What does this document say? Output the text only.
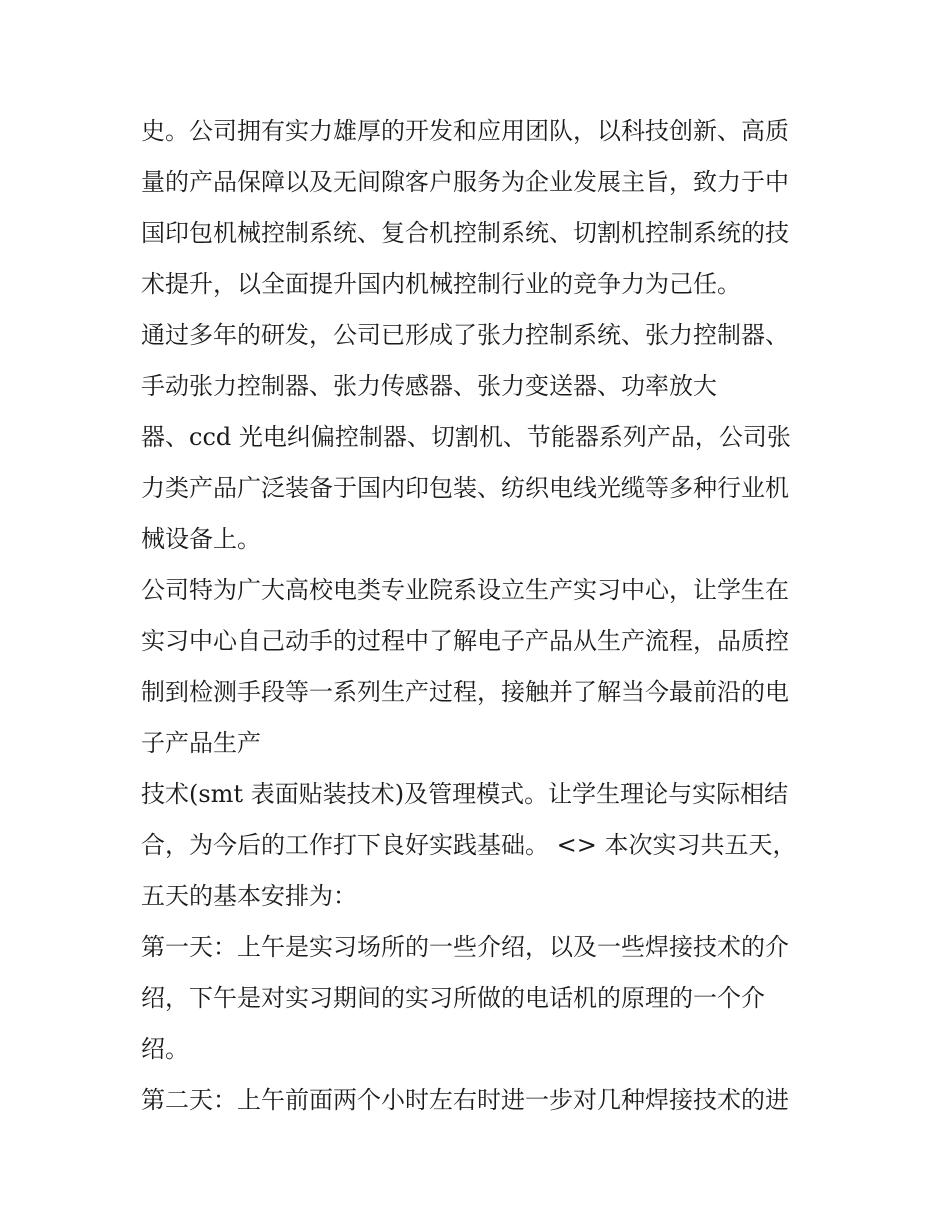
史。公司拥有实力雄厚的开发和应用团队，以科技创新、高质
量的产品保障以及无间隙客户服务为企业发展主旨，致力于中
国印包机械控制系统、复合机控制系统、切割机控制系统的技
术提升，以全面提升国内机械控制行业的竞争力为己任。
通过多年的研发，公司已形成了张力控制系统、张力控制器、
手动张力控制器、张力传感器、张力变送器、功率放大
器、ccd 光电纠偏控制器、切割机、节能器系列产品，公司张
力类产品广泛装备于国内印包装、纺织电线光缆等多种行业机
械设备上。
公司特为广大高校电类专业院系设立生产实习中心，让学生在
实习中心自己动手的过程中了解电子产品从生产流程，品质控
制到检测手段等一系列生产过程，接触并了解当今最前沿的电
子产品生产
技术(smt 表面贴装技术)及管理模式。让学生理论与实际相结
合，为今后的工作打下良好实践基础。 <> 本次实习共五天，
五天的基本安排为：
第一天：上午是实习场所的一些介绍，以及一些焊接技术的介
绍，下午是对实习期间的实习所做的电话机的原理的一个介
绍。
第二天：上午前面两个小时左右时进一步对几种焊接技术的进
